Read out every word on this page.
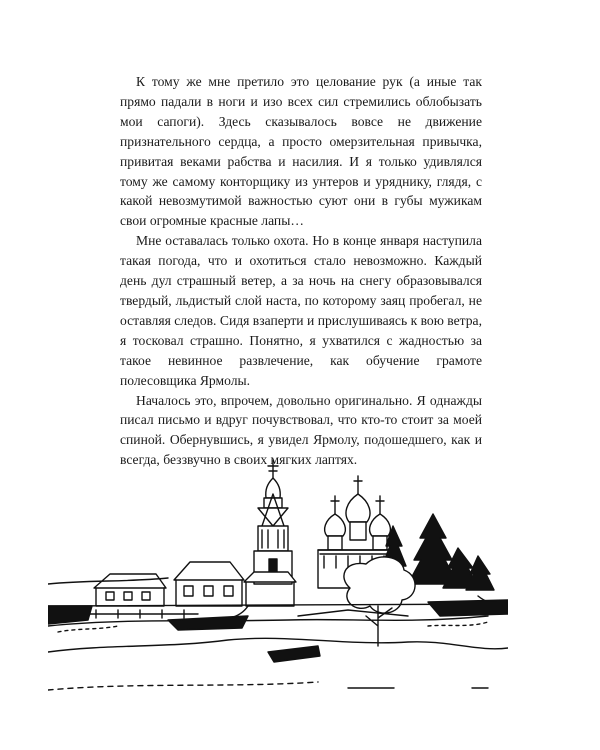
К тому же мне претило это целование рук (а иные так прямо падали в ноги и изо всех сил стремились облобызать мои сапоги). Здесь сказывалось вовсе не движение признательного сердца, а просто омерзительная привычка, привитая веками рабства и насилия. И я только удивлялся тому же самому конторщику из унтеров и уряднику, глядя, с какой невозмутимой важностью суют они в губы мужикам свои огромные красные лапы…

Мне оставалась только охота. Но в конце января наступила такая погода, что и охотиться стало невозможно. Каждый день дул страшный ветер, а за ночь на снегу образовывался твердый, льдистый слой наста, по которому заяц пробегал, не оставляя следов. Сидя взаперти и прислушиваясь к вою ветра, я тосковал страшно. Понятно, я ухватился с жадностью за такое невинное развлечение, как обучение грамоте полесовщика Ярмолы.

Началось это, впрочем, довольно оригинально. Я однажды писал письмо и вдруг почувствовал, что кто-то стоит за моей спиной. Обернувшись, я увидел Ярмолу, подошедшего, как и всегда, беззвучно в своих мягких лаптях.
